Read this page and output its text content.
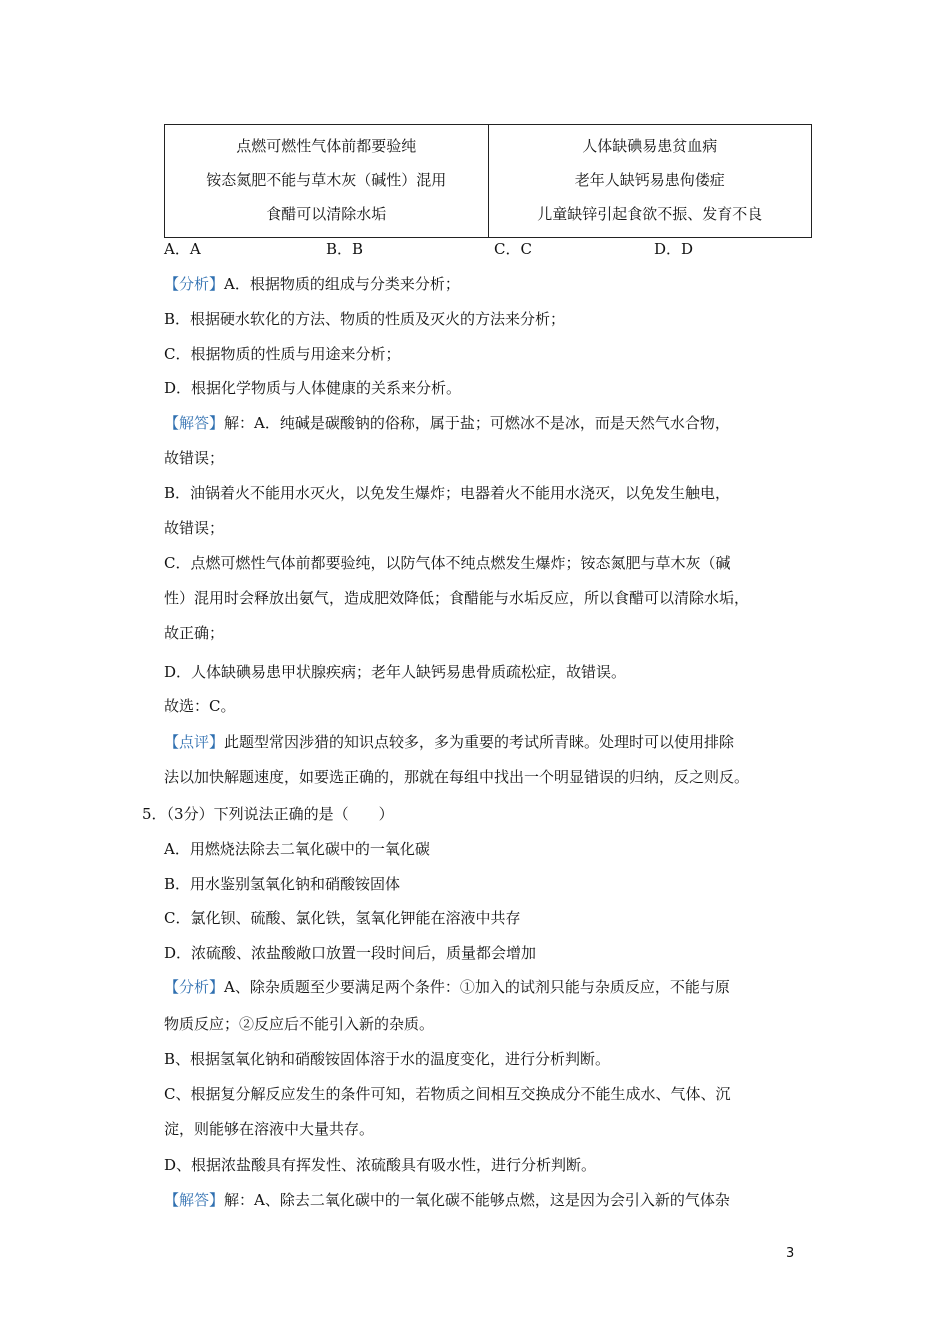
点燃可燃性气体前都要验纯
铵态氮肥不能与草木灰（碱性）混用
食醋可以清除水垢

人体缺碘易患贫血病
老年人缺钙易患佝偻症
儿童缺锌引起食欲不振、发育不良
A．A	B．B	C．C	D．D
【分析】A．根据物质的组成与分类来分析；
B．根据硬水软化的方法、物质的性质及灭火的方法来分析；
C．根据物质的性质与用途来分析；
D．根据化学物质与人体健康的关系来分析。
【解答】解：A．纯碱是碳酸钠的俗称，属于盐；可燃冰不是冰，而是天然气水合物，
故错误；
B．油锅着火不能用水灭火，以免发生爆炸；电器着火不能用水浇灭，以免发生触电，
故错误；
C．点燃可燃性气体前都要验纯，以防气体不纯点燃发生爆炸；铵态氮肥与草木灰（碱
性）混用时会释放出氨气，造成肥效降低；食醋能与水垢反应，所以食醋可以清除水垢，
故正确；
D．人体缺碘易患甲状腺疾病；老年人缺钙易患骨质疏松症，故错误。
故选：C。
【点评】此题型常因涉猎的知识点较多，多为重要的考试所青睐。处理时可以使用排除
法以加快解题速度，如要选正确的，那就在每组中找出一个明显错误的归纳，反之则反。
5．（3分）下列说法正确的是（　　）
A．用燃烧法除去二氧化碳中的一氧化碳
B．用水鉴别氢氧化钠和硝酸铵固体
C．氯化钡、硫酸、氯化铁，氢氧化钾能在溶液中共存
D．浓硫酸、浓盐酸敞口放置一段时间后，质量都会增加
【分析】A、除杂质题至少要满足两个条件：①加入的试剂只能与杂质反应，不能与原
物质反应；②反应后不能引入新的杂质。
B、根据氢氧化钠和硝酸铵固体溶于水的温度变化，进行分析判断。
C、根据复分解反应发生的条件可知，若物质之间相互交换成分不能生成水、气体、沉
淀，则能够在溶液中大量共存。
D、根据浓盐酸具有挥发性、浓硫酸具有吸水性，进行分析判断。
【解答】解：A、除去二氧化碳中的一氧化碳不能够点燃，这是因为会引入新的气体杂
3
